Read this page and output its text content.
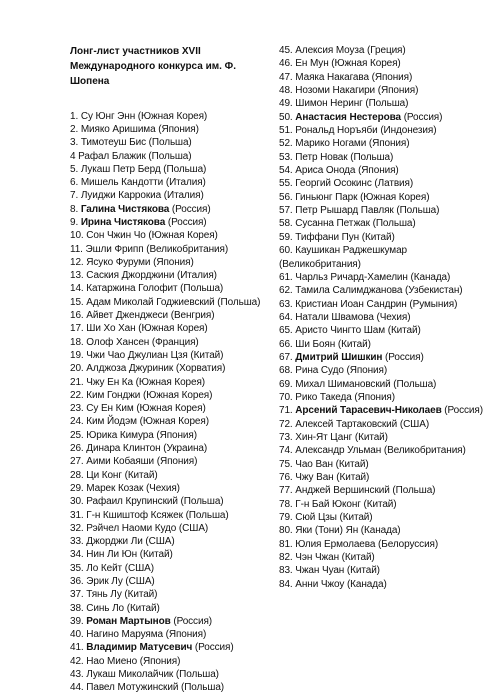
Лонг-лист участников XVII Международного конкурса им. Ф. Шопена
1. Су Юнг Энн (Южная Корея)
2. Мияко Аришима (Япония)
3. Тимотеуш Бис (Польша)
4 Рафал Блажик (Польша)
5. Лукаш Петр Берд (Польша)
6. Мишель Кандотти (Италия)
7. Луиджи Каррокиа (Италия)
8. Галина Чистякова (Россия)
9. Ирина Чистякова (Россия)
10. Сон Чжин Чо (Южная Корея)
11. Эшли Фрипп (Великобритания)
12. Ясуко Фуруми (Япония)
13. Саския Джорджини (Италия)
14. Катаржина Голофит (Польша)
15. Адам Миколай Годжиевский (Польша)
16. Айвет Дженджеси (Венгрия)
17. Ши Хо Хан (Южная Корея)
18. Олоф Хансен (Франция)
19. Чжи Чао Джулиан Цзя (Китай)
20. Алджоза Джуриник (Хорватия)
21. Чжу Ен Ка (Южная Корея)
22. Ким Гонджи (Южная Корея)
23. Су Ен Ким (Южная Корея)
24. Ким Йодэм (Южная Корея)
25. Юрика Кимура (Япония)
26. Динара Клинтон (Украина)
27. Аими Кобаяши (Япония)
28. Ци Конг (Китай)
29. Марек Козак (Чехия)
30. Рафаил Крупинский (Польша)
31. Г-н Кшиштоф Ксяжек (Польша)
32. Рэйчел Наоми Кудо (США)
33. Джорджи Ли (США)
34. Нин Ли Юн (Китай)
35. Ло Кейт (США)
36. Эрик Лу (США)
37. Тянь Лу (Китай)
38. Синь Ло (Китай)
39. Роман Мартынов (Россия)
40. Нагино Маруяма (Япония)
41. Владимир Матусевич (Россия)
42. Нао Миено (Япония)
43. Лукаш Миколайчик (Польша)
44. Павел Мотужинский (Польша)
45. Алексия Моуза (Греция)
46. Ен Мун (Южная Корея)
47. Маяка Накагава (Япония)
48. Нозоми Накагири (Япония)
49. Шимон Неринг (Польша)
50. Анастасия Нестерова (Россия)
51. Рональд Норъяби (Индонезия)
52. Марико Ногами (Япония)
53. Петр Новак (Польша)
54. Ариса Онода (Япония)
55. Георгий Осокинс (Латвия)
56. Гиньюнг Парк (Южная Корея)
57. Петр Рышард Павляк (Польша)
58. Сусанна Петжак (Польша)
59. Тиффани Пун (Китай)
60. Каушикан Раджешкумар (Великобритания)
61. Чарльз Ричард-Хамелин (Канада)
62. Тамила Салимджанова (Узбекистан)
63. Кристиан Иоан Сандрин (Румыния)
64. Натали Швамова (Чехия)
65. Аристо Чингто Шам (Китай)
66. Ши Боян (Китай)
67. Дмитрий Шишкин (Россия)
68. Рина Судо (Япония)
69. Михал Шимановский (Польша)
70. Рико Такеда (Япония)
71. Арсений Тарасевич-Николаев (Россия)
72. Алексей Тартаковский (США)
73. Хин-Ят Цанг (Китай)
74. Александр Ульман (Великобритания)
75. Чао Ван (Китай)
76. Чжу Ван (Китай)
77. Анджей Вершинский (Польша)
78. Г-н Бай Юконг (Китай)
79. Сюй Цзы (Китай)
80. Яки (Тони) Ян (Канада)
81. Юлия Ермолаева (Белоруссия)
82. Чэн Чжан (Китай)
83. Чжан Чуан (Китай)
84. Анни Чжоу (Канада)
